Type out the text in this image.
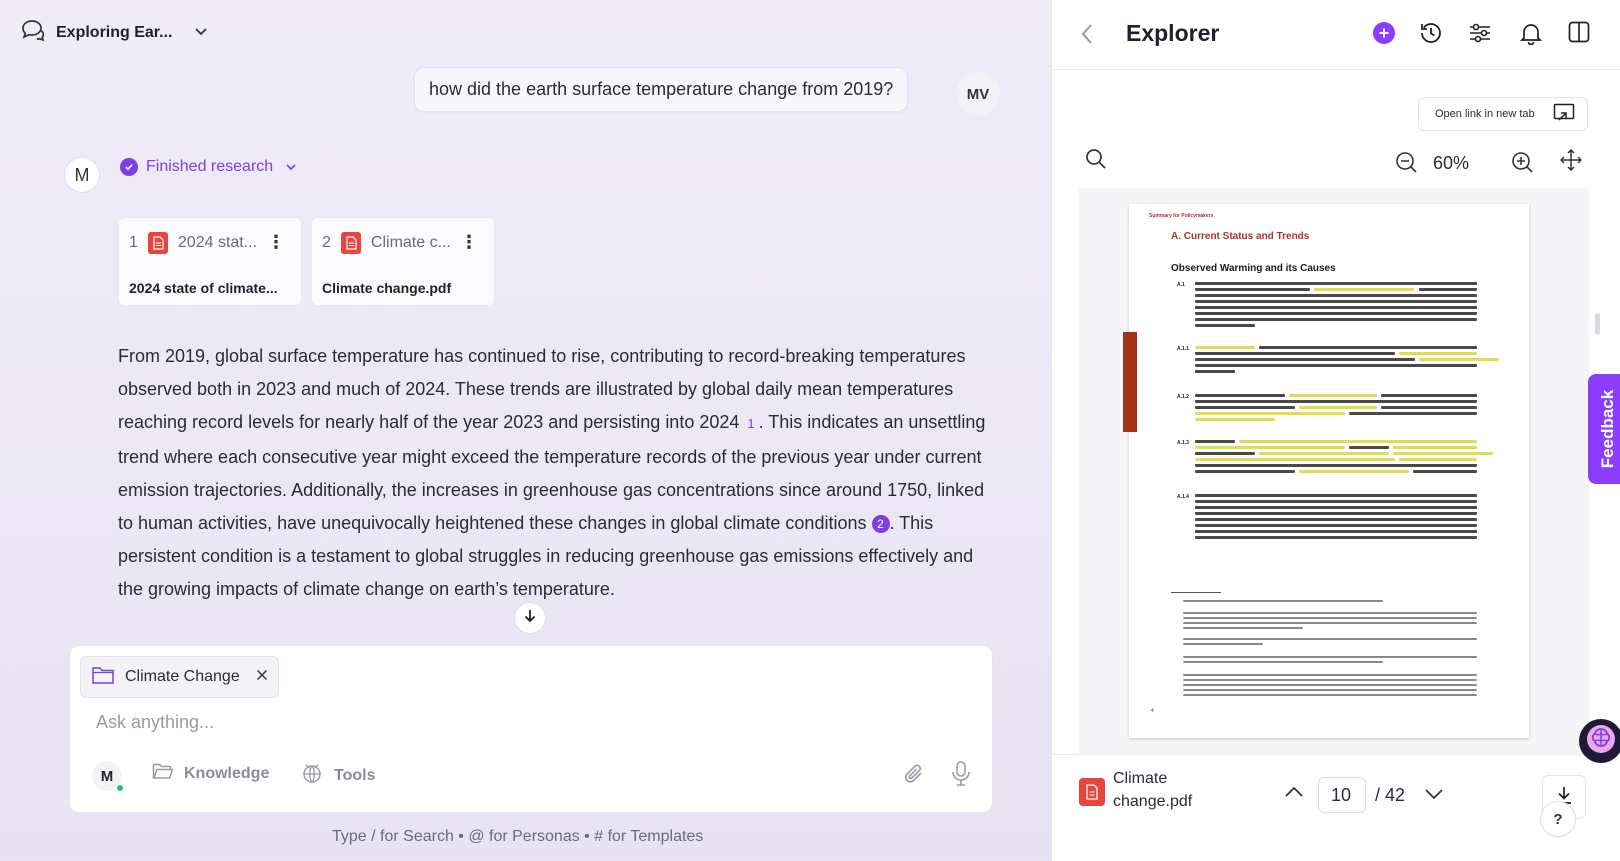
Exploring Ear...
how did the earth surface temperature change from 2019?	MV
M	Finished research
1	2024 stat... ⋮
2024 state of climate...
2	Climate c... ⋮
Climate change.pdf
From 2019, global surface temperature has continued to rise, contributing to record-breaking temperatures observed both in 2023 and much of 2024. These trends are illustrated by global daily mean temperatures reaching record levels for nearly half of the year 2023 and persisting into 2024 1 . This indicates an unsettling trend where each consecutive year might exceed the temperature records of the previous year under current emission trajectories. Additionally, the increases in greenhouse gas concentrations since around 1750, linked to human activities, have unequivocally heightened these changes in global climate conditions 2 . This persistent condition is a testament to global struggles in reducing greenhouse gas emissions effectively and the growing impacts of climate change on earth’s temperature.
Climate Change
Ask anything...
M	Knowledge	Tools
Type / for Search • @ for Personas • # for Templates
Explorer
Open link in new tab
60%
Summary for Policymakers
A. Current Status and Trends
Observed Warming and its Causes
A.1
A.1.1
A.1.2
A.1.3
A.1.4
4
Feedback
Climate change.pdf
10	/ 42
?
